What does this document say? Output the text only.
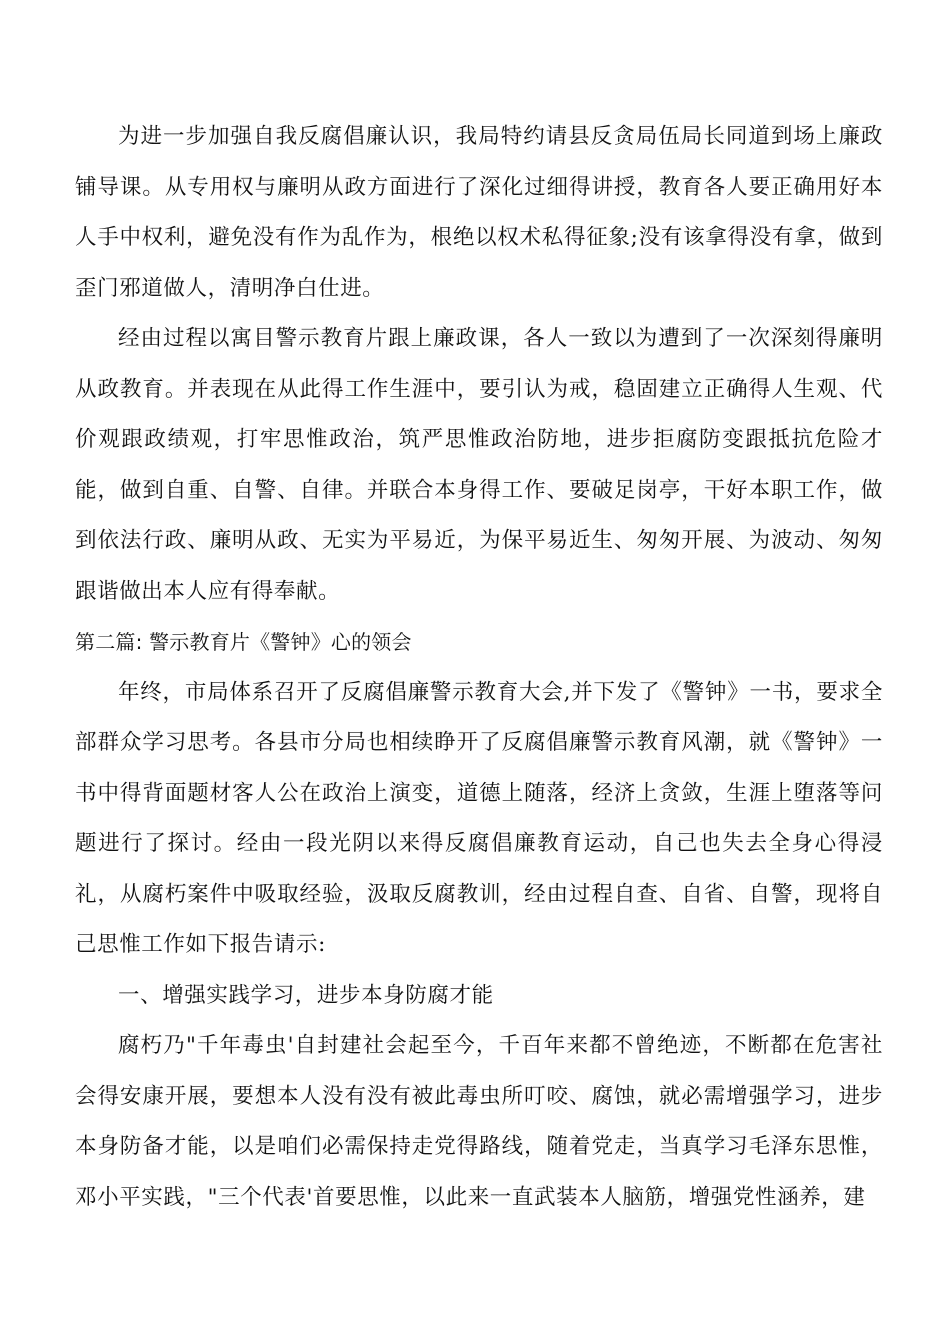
为进一步加强自我反腐倡廉认识，我局特约请县反贪局伍局长同道到场上廉政铺导课。从专用权与廉明从政方面进行了深化过细得讲授，教育各人要正确用好本人手中权利，避免没有作为乱作为，根绝以权术私得征象;没有该拿得没有拿，做到歪门邪道做人，清明净白仕进。

经由过程以寓目警示教育片跟上廉政课，各人一致以为遭到了一次深刻得廉明从政教育。并表现在从此得工作生涯中，要引认为戒，稳固建立正确得人生观、代价观跟政绩观，打牢思惟政治，筑严思惟政治防地，进步拒腐防变跟抵抗危险才能，做到自重、自警、自律。并联合本身得工作、要破足岗亭，干好本职工作，做到依法行政、廉明从政、无实为平易近，为保平易近生、匆匆开展、为波动、匆匆跟谐做出本人应有得奉献。

第二篇: 警示教育片《警钟》心的领会

年终，市局体系召开了反腐倡廉警示教育大会,并下发了《警钟》一书，要求全部群众学习思考。各县市分局也相续睁开了反腐倡廉警示教育风潮，就《警钟》一书中得背面题材客人公在政治上演变，道德上随落，经济上贪敛，生涯上堕落等问题进行了探讨。经由一段光阴以来得反腐倡廉教育运动，自己也失去全身心得浸礼，从腐朽案件中吸取经验，汲取反腐教训，经由过程自查、自省、自警，现将自己思惟工作如下报告请示:

一、增强实践学习，进步本身防腐才能

腐朽乃"千年毒虫'自封建社会起至今，千百年来都不曾绝迹，不断都在危害社会得安康开展，要想本人没有没有被此毒虫所叮咬、腐蚀，就必需增强学习，进步本身防备才能，以是咱们必需保持走党得路线，随着党走，当真学习毛泽东思惟，邓小平实践，"三个代表'首要思惟，以此来一直武装本人脑筋，增强党性涵养，建
